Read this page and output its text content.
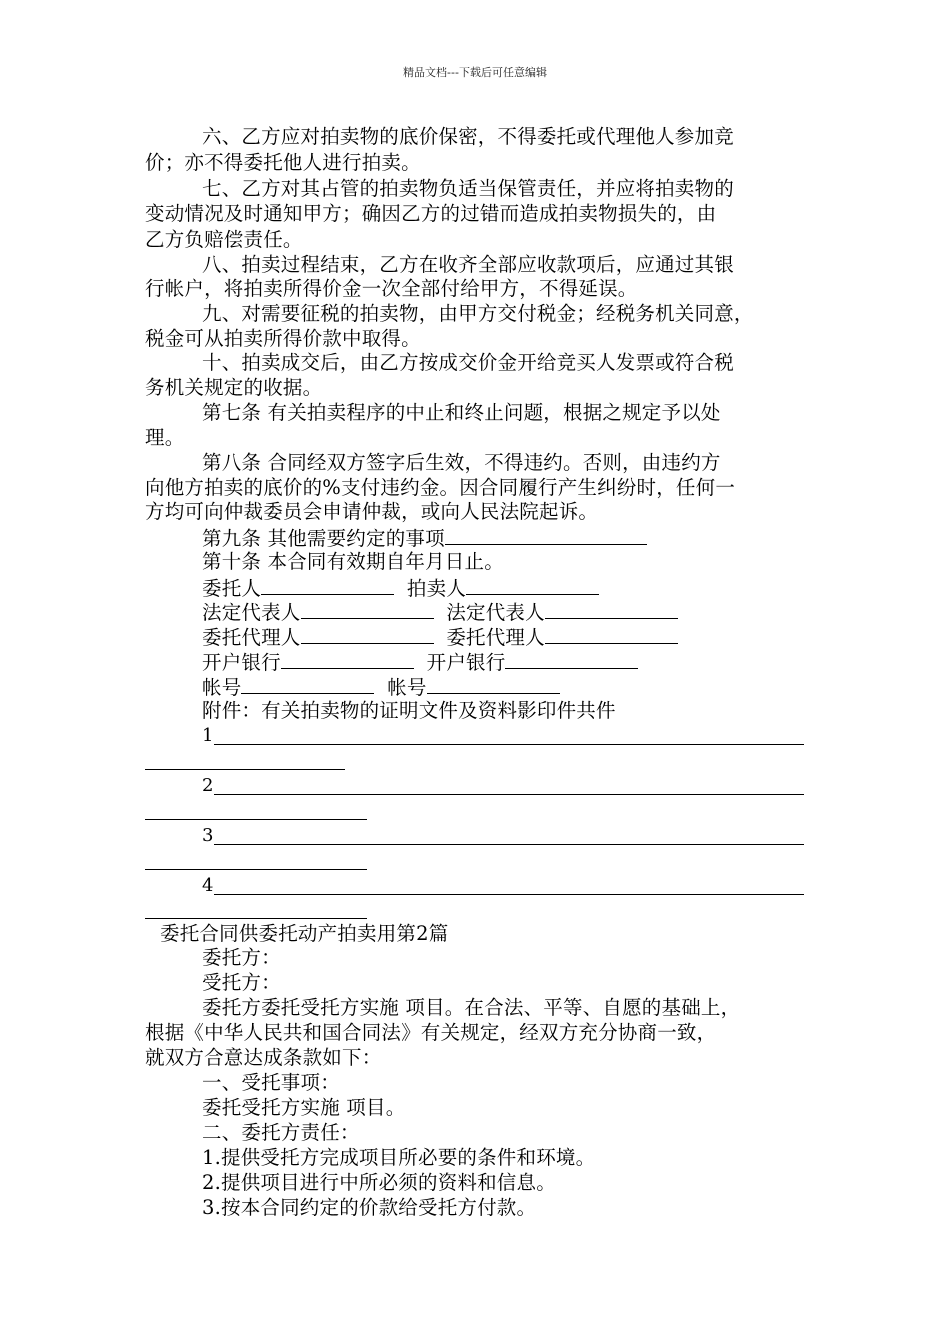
精品文档---下载后可任意编辑
六、乙方应对拍卖物的底价保密，不得委托或代理他人参加竞
价；亦不得委托他人进行拍卖。
七、乙方对其占管的拍卖物负适当保管责任，并应将拍卖物的
变动情况及时通知甲方；确因乙方的过错而造成拍卖物损失的，由
乙方负赔偿责任。
八、拍卖过程结束，乙方在收齐全部应收款项后，应通过其银
行帐户，将拍卖所得价金一次全部付给甲方，不得延误。
九、对需要征税的拍卖物，由甲方交付税金；经税务机关同意，
税金可从拍卖所得价款中取得。
十、拍卖成交后，由乙方按成交价金开给竞买人发票或符合税
务机关规定的收据。
第七条 有关拍卖程序的中止和终止问题，根据之规定予以处
理。
第八条 合同经双方签字后生效，不得违约。否则，由违约方
向他方拍卖的底价的%支付违约金。因合同履行产生纠纷时，任何一
方均可向仲裁委员会申请仲裁，或向人民法院起诉。
第九条 其他需要约定的事项
第十条 本合同有效期自年月日止。
委托人	拍卖人
法定代表人	法定代表人
委托代理人	委托代理人
开户银行	开户银行
帐号	帐号
附件：有关拍卖物的证明文件及资料影印件共件
1
2
3
4
委托合同供委托动产拍卖用第2篇
委托方：
受托方：
委托方委托受托方实施 项目。在合法、平等、自愿的基础上，
根据《中华人民共和国合同法》有关规定，经双方充分协商一致，
就双方合意达成条款如下：
一、受托事项：
委托受托方实施 项目。
二、委托方责任：
1.提供受托方完成项目所必要的条件和环境。
2.提供项目进行中所必须的资料和信息。
3.按本合同约定的价款给受托方付款。
